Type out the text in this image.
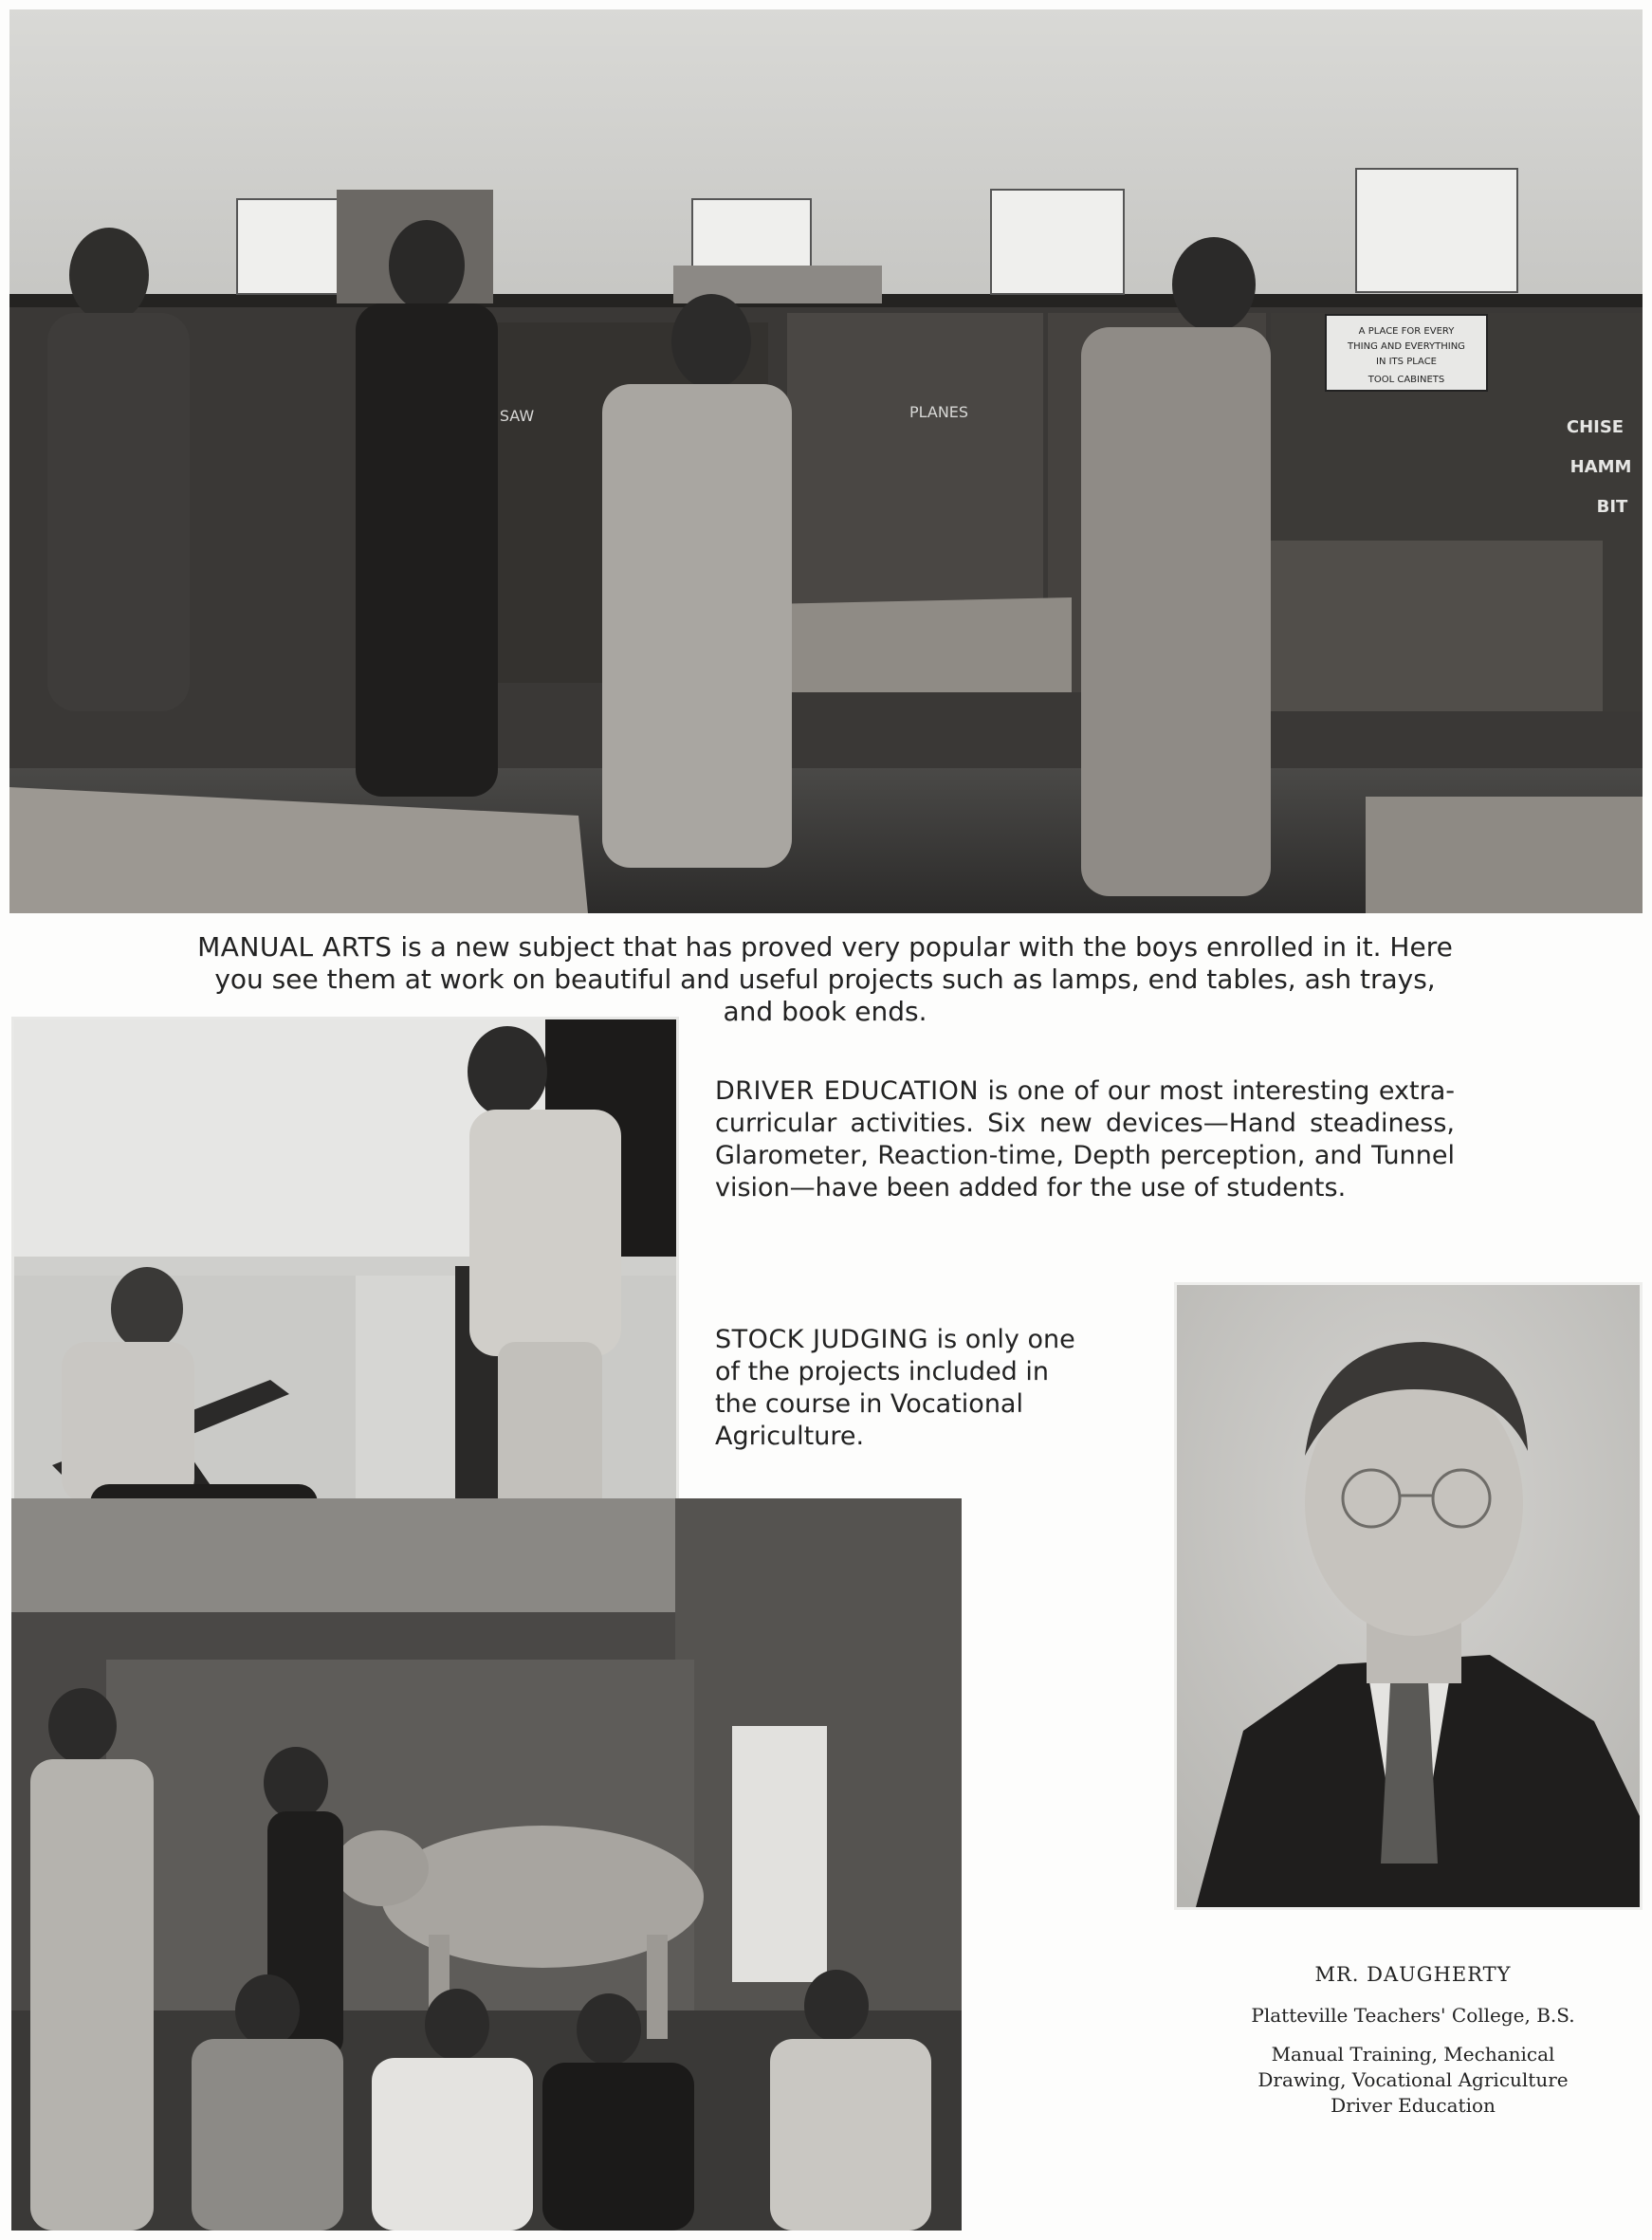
PLANES
CHISE
HAMM
BIT
SAW
A PLACE FOR EVERY
THING AND EVERYTHING
IN ITS PLACE
TOOL CABINETS
MANUAL ARTS is a new subject that has proved very popular with the boys enrolled in it. Here you see them at work on beautiful and useful projects such as lamps, end tables, ash trays, and book ends.
DRIVER EDUCATION is one of our most interesting extra-curricular activities. Six new devices—Hand steadiness, Glarometer, Reaction-time, Depth perception, and Tunnel vision—have been added for the use of students.
STOCK JUDGING is only one of the projects included in the course in Vocational Agriculture.
MR. DAUGHERTY
Platteville Teachers' College, B.S.
Manual Training, Mechanical
Drawing, Vocational Agriculture
Driver Education
